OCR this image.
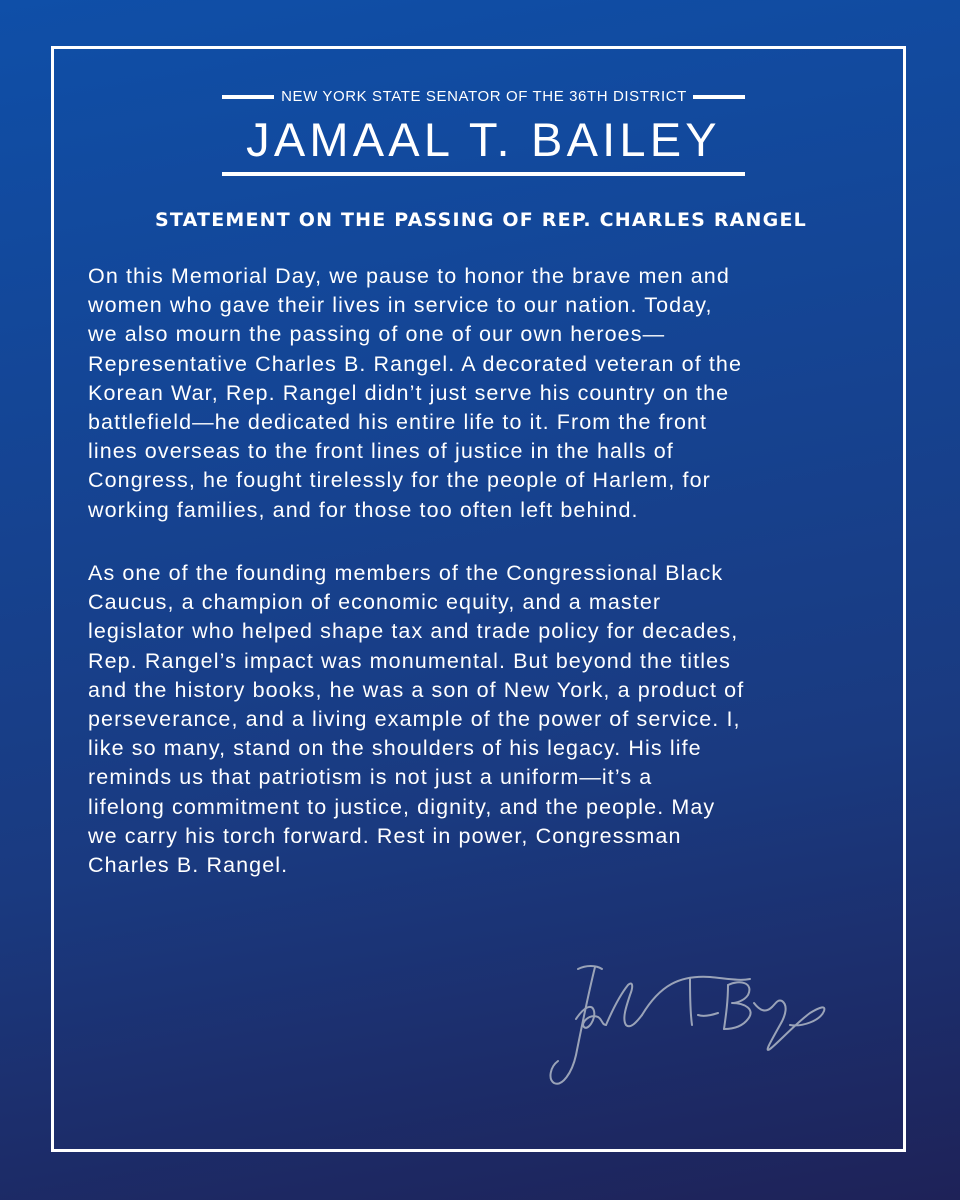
NEW YORK STATE SENATOR OF THE 36TH DISTRICT
JAMAAL T. BAILEY
STATEMENT ON THE PASSING OF REP. CHARLES RANGEL

On this Memorial Day, we pause to honor the brave men and
women who gave their lives in service to our nation. Today,
we also mourn the passing of one of our own heroes—
Representative Charles B. Rangel. A decorated veteran of the
Korean War, Rep. Rangel didn’t just serve his country on the
battlefield—he dedicated his entire life to it. From the front
lines overseas to the front lines of justice in the halls of
Congress, he fought tirelessly for the people of Harlem, for
working families, and for those too often left behind.

As one of the founding members of the Congressional Black
Caucus, a champion of economic equity, and a master
legislator who helped shape tax and trade policy for decades,
Rep. Rangel’s impact was monumental. But beyond the titles
and the history books, he was a son of New York, a product of
perseverance, and a living example of the power of service. I,
like so many, stand on the shoulders of his legacy. His life
reminds us that patriotism is not just a uniform—it’s a
lifelong commitment to justice, dignity, and the people. May
we carry his torch forward. Rest in power, Congressman
Charles B. Rangel.
